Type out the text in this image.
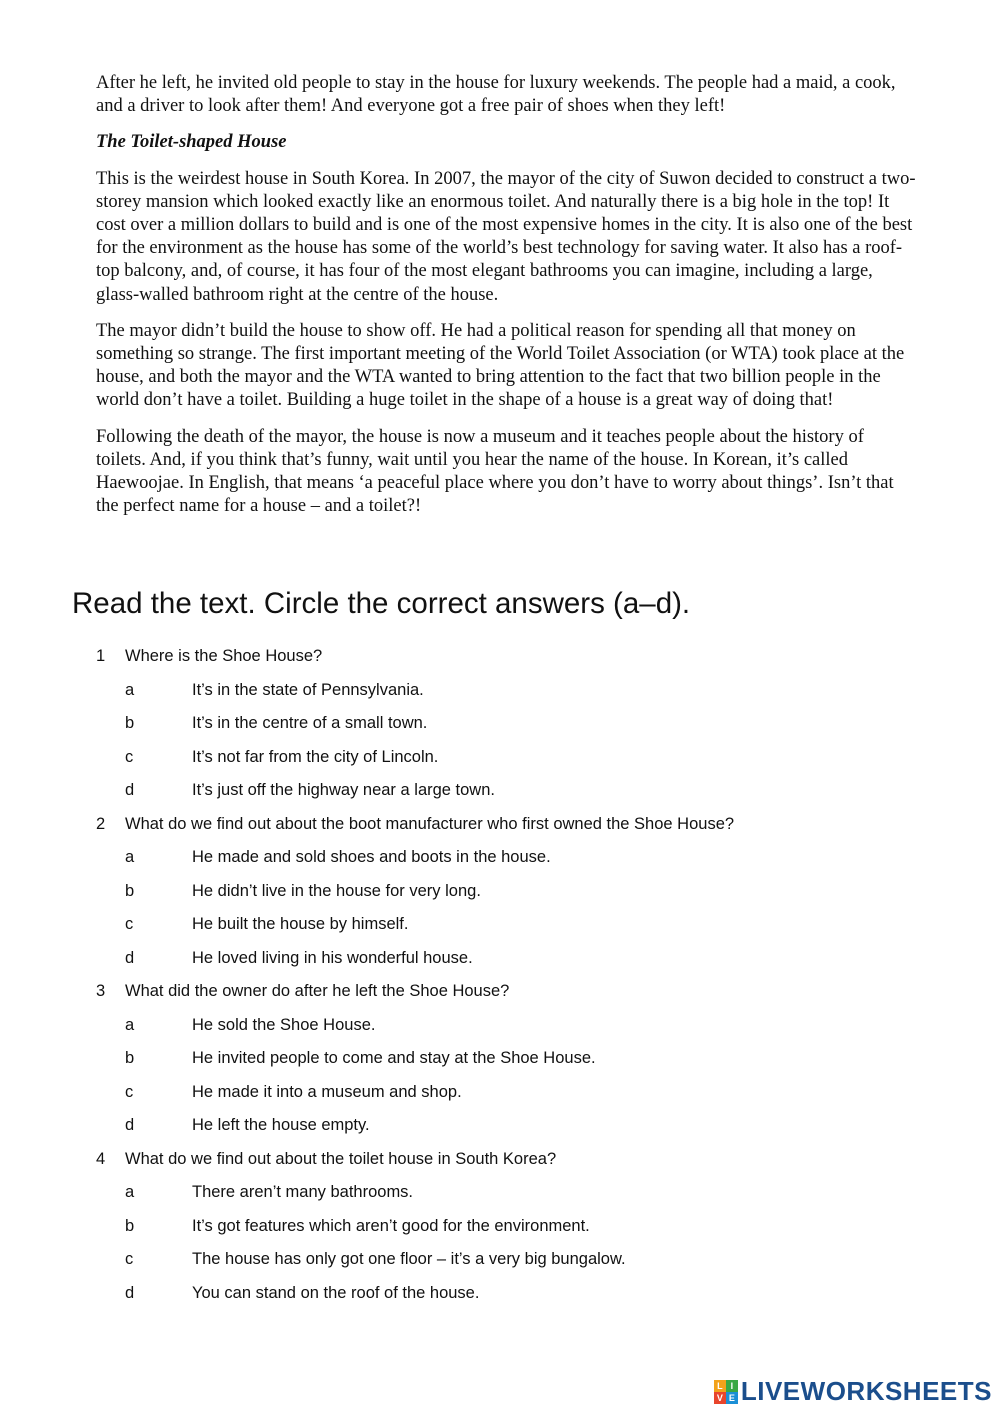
After he left, he invited old people to stay in the house for luxury weekends. The people had a maid, a cook, and a driver to look after them! And everyone got a free pair of shoes when they left!

The Toilet-shaped House

This is the weirdest house in South Korea. In 2007, the mayor of the city of Suwon decided to construct a two-storey mansion which looked exactly like an enormous toilet. And naturally there is a big hole in the top! It cost over a million dollars to build and is one of the most expensive homes in the city. It is also one of the best for the environment as the house has some of the world’s best technology for saving water. It also has a roof-top balcony, and, of course, it has four of the most elegant bathrooms you can imagine, including a large, glass-walled bathroom right at the centre of the house.

The mayor didn’t build the house to show off. He had a political reason for spending all that money on something so strange. The first important meeting of the World Toilet Association (or WTA) took place at the house, and both the mayor and the WTA wanted to bring attention to the fact that two billion people in the world don’t have a toilet. Building a huge toilet in the shape of a house is a great way of doing that!

Following the death of the mayor, the house is now a museum and it teaches people about the history of toilets. And, if you think that’s funny, wait until you hear the name of the house. In Korean, it’s called Haewoojae. In English, that means ‘a peaceful place where you don’t have to worry about things’. Isn’t that the perfect name for a house – and a toilet?!

Read the text. Circle the correct answers (a–d).
1	Where is the Shoe House?
a	It’s in the state of Pennsylvania.
b	It’s in the centre of a small town.
c	It’s not far from the city of Lincoln.
d	It’s just off the highway near a large town.
2	What do we find out about the boot manufacturer who first owned the Shoe House?
a	He made and sold shoes and boots in the house.
b	He didn’t live in the house for very long.
c	He built the house by himself.
d	He loved living in his wonderful house.
3	What did the owner do after he left the Shoe House?
a	He sold the Shoe House.
b	He invited people to come and stay at the Shoe House.
c	He made it into a museum and shop.
d	He left the house empty.
4	What do we find out about the toilet house in South Korea?
a	There aren’t many bathrooms.
b	It’s got features which aren’t good for the environment.
c	The house has only got one floor – it’s a very big bungalow.
d	You can stand on the roof of the house.
L I
V E LIVEWORKSHEETS
